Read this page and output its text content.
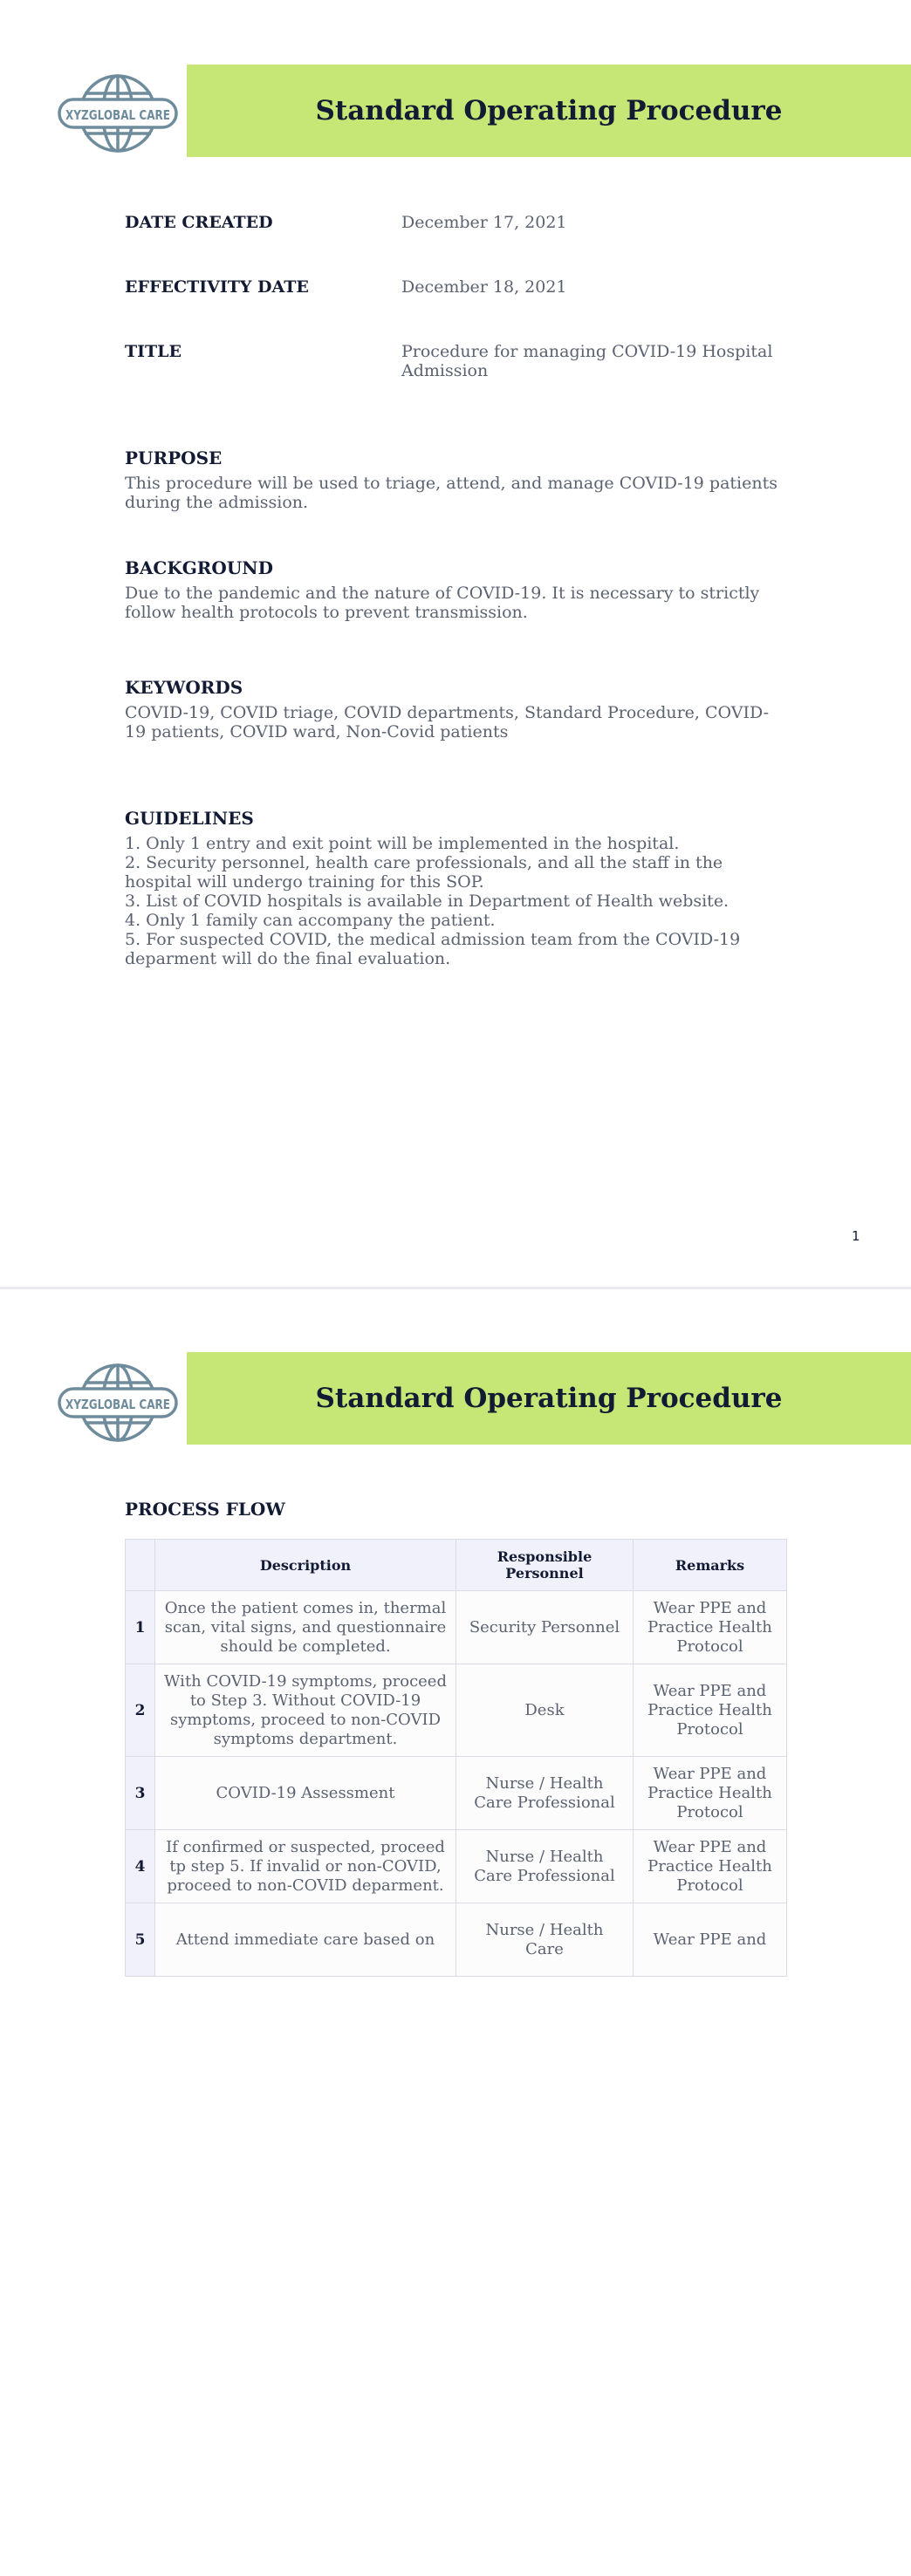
XYZGLOBAL CARE	Standard Operating Procedure
DATE CREATED	December 17, 2021
EFFECTIVITY DATE	December 18, 2021
TITLE	Procedure for managing COVID-19 Hospital Admission
PURPOSE

This procedure will be used to triage, attend, and manage COVID-19 patients during the admission.

BACKGROUND

Due to the pandemic and the nature of COVID-19. It is necessary to strictly follow health protocols to prevent transmission.

KEYWORDS

COVID-19, COVID triage, COVID departments, Standard Procedure, COVID-19 patients, COVID ward, Non-Covid patients

GUIDELINES
1. Only 1 entry and exit point will be implemented in the hospital.
2. Security personnel, health care professionals, and all the staff in the hospital will undergo training for this SOP.
3. List of COVID hospitals is available in Department of Health website.
4. Only 1 family can accompany the patient.
5. For suspected COVID, the medical admission team from the COVID-19 deparment will do the final evaluation.
1
XYZGLOBAL CARE	Standard Operating Procedure
PROCESS FLOW
	Description	Responsible Personnel	Remarks
1	Once the patient comes in, thermal scan, vital signs, and questionnaire should be completed.	Security Personnel	Wear PPE and Practice Health Protocol
2	With COVID-19 symptoms, proceed to Step 3. Without COVID-19 symptoms, proceed to non-COVID symptoms department.	Desk	Wear PPE and Practice Health Protocol
3	COVID-19 Assessment	Nurse / Health Care Professional	Wear PPE and Practice Health Protocol
4	If confirmed or suspected, proceed tp step 5. If invalid or non-COVID, proceed to non-COVID deparment.	Nurse / Health Care Professional	Wear PPE and Practice Health Protocol
5	Attend immediate care based on	Nurse / Health Care	Wear PPE and
